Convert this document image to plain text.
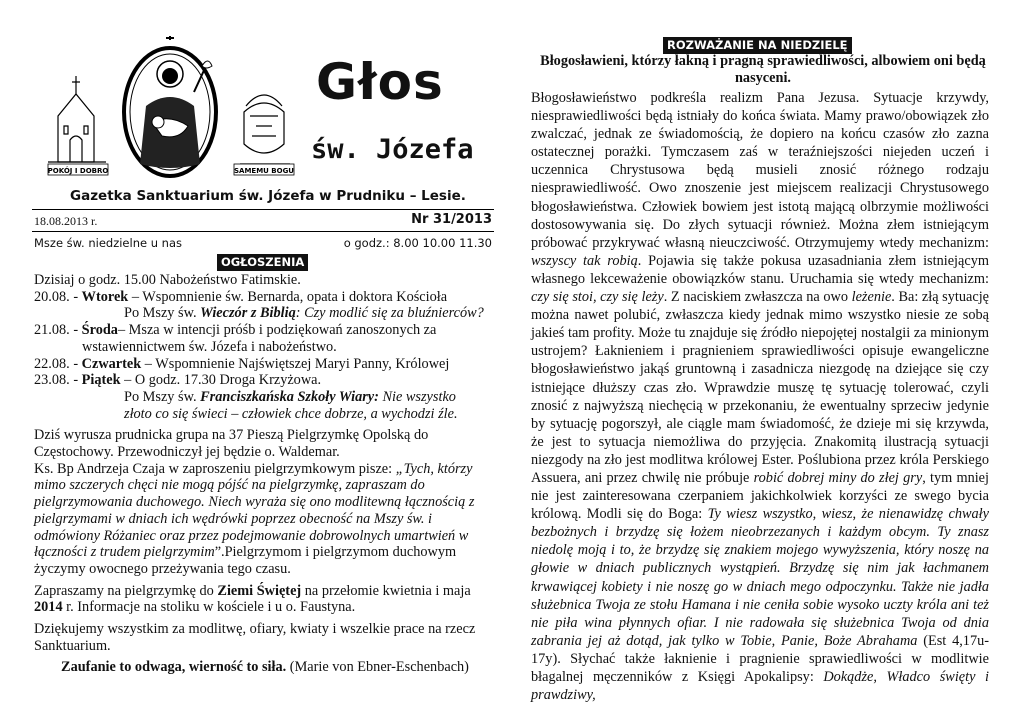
POKÓJ I DOBRO	SAMEMU BOGU
Głos
św. Józefa
Gazetka Sanktuarium św. Józefa w Prudniku – Lesie.
18.08.2013 r.	Nr 31/2013
Msze św. niedzielne u nas	o godz.: 8.00 10.00 11.30
OGŁOSZENIA

Dzisiaj o godz. 15.00 Nabożeństwo Fatimskie.

20.08. - Wtorek – Wspomnienie św. Bernarda, opata i doktora Kościoła

Po Mszy św. Wieczór z Biblią: Czy modlić się za bluźnierców?

21.08. - Środa– Msza w intencji próśb i podziękowań zanoszonych za

wstawiennictwem św. Józefa i nabożeństwo.

22.08. - Czwartek – Wspomnienie Najświętszej Maryi Panny, Królowej

23.08. - Piątek – O godz. 17.30 Droga Krzyżowa.

Po Mszy św. Franciszkańska Szkoły Wiary: Nie wszystko

złoto co się świeci – człowiek chce dobrze, a wychodzi źle.

Dziś wyrusza prudnicka grupa na 37 Pieszą Pielgrzymkę Opolską do

Częstochowy. Przewodniczył jej będzie o. Waldemar.

Ks. Bp Andrzeja Czaja w zaproszeniu pielgrzymkowym pisze: „Tych, którzy

mimo szczerych chęci nie mogą pójść na pielgrzymkę, zapraszam do

pielgrzymowania duchowego. Niech wyraża się ono modlitewną łącznością z

pielgrzymami w dniach ich wędrówki poprzez obecność na Mszy św. i

odmówiony Różaniec oraz przez podejmowanie dobrowolnych umartwień w

łączności z trudem pielgrzymim”.Pielgrzymom i pielgrzymom duchowym

życzymy owocnego przeżywania tego czasu.

Zapraszamy na pielgrzymkę do Ziemi Świętej na przełomie kwietnia i maja

2014 r. Informacje na stoliku w kościele i u o. Faustyna.

Dziękujemy wszystkim za modlitwę, ofiary, kwiaty i wszelkie prace na rzecz

Sanktuarium.

Zaufanie to odwaga, wierność to siła. (Marie von Ebner-Eschenbach)

ROZWAŻANIE NA NIEDZIELĘ
Błogosławieni, którzy łakną i pragną sprawiedliwości, albowiem oni będą nasyceni.

Błogosławieństwo podkreśla realizm Pana Jezusa. Sytuacje krzywdy, niesprawiedliwości będą istniały do końca świata. Mamy prawo/obowiązek zło zwalczać, jednak ze świadomością, że dopiero na końcu czasów zło zazna ostatecznej porażki. Tymczasem zaś w teraźniejszości niejeden uczeń i uczennica Chrystusowa będą musieli znosić różnego rodzaju niesprawiedliwość. Owo znoszenie jest miejscem realizacji Chrystusowego błogosławieństwa. Człowiek bowiem jest istotą mającą olbrzymie możliwości dostosowywania się. Do złych sytuacji również. Można złem istniejącym próbować przykrywać własną nieuczciwość. Otrzymujemy wtedy mechanizm: wszyscy tak robią. Pojawia się także pokusa uzasadniania złem istniejącym własnego lekceważenie obowiązków stanu. Uruchamia się wtedy mechanizm: czy się stoi, czy się leży. Z naciskiem zwłaszcza na owo leżenie. Ba: złą sytuację można nawet polubić, zwłaszcza kiedy jednak mimo wszystko niesie ze sobą jakieś tam profity. Może tu znajduje się źródło niepojętej nostalgii za minionym ustrojem? Łaknieniem i pragnieniem sprawiedliwości opisuje ewangeliczne błogosławieństwo jakąś gruntowną i zasadnicza niezgodę na dziejące się czy istniejące dłuższy czas zło. Wprawdzie muszę tę sytuację tolerować, czyli znosić z najwyższą niechęcią w przekonaniu, że ewentualny sprzeciw jedynie by sytuację pogorszył, ale ciągle mam świadomość, że dzieje mi się krzywda, że jest to sytuacja niemożliwa do przyjęcia. Znakomitą ilustracją sytuacji niezgody na zło jest modlitwa królowej Ester. Poślubiona przez króla Perskiego Assuera, ani przez chwilę nie próbuje robić dobrej miny do złej gry, tym mniej nie jest zainteresowana czerpaniem jakichkolwiek korzyści ze swego bycia królową. Modli się do Boga: Ty wiesz wszystko, wiesz, że nienawidzę chwały bezbożnych i brzydzę się łożem nieobrzezanych i każdym obcym. Ty znasz niedolę moją i to, że brzydzę się znakiem mojego wywyższenia, który noszę na głowie w dniach publicznych wystąpień. Brzydzę się nim jak łachmanem krwawiącej kobiety i nie noszę go w dniach mego odpoczynku. Także nie jadła służebnica Twoja ze stołu Hamana i nie ceniła sobie wysoko uczty króla ani też nie piła wina płynnych ofiar. I nie radowała się służebnica Twoja od dnia zabrania jej aż dotąd, jak tylko w Tobie, Panie, Boże Abrahama (Est 4,17u-17y). Słychać także łaknienie i pragnienie sprawiedliwości w modlitwie błagalnej męczenników z Księgi Apokalipsy: Dokądże, Władco święty i prawdziwy,
